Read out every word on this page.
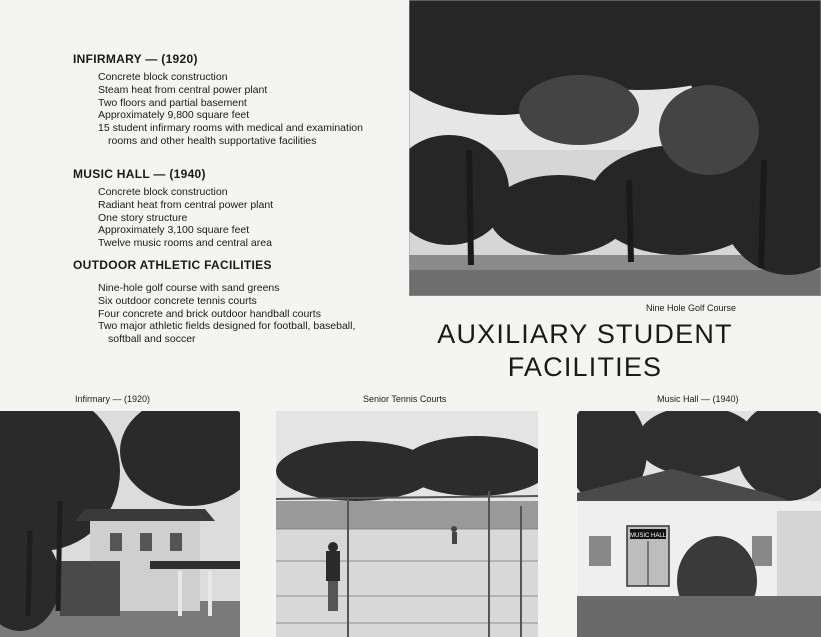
INFIRMARY — (1920)
Concrete block construction
Steam heat from central power plant
Two floors and partial basement
Approximately 9,800 square feet
15 student infirmary rooms with medical and examination rooms and other health supportative facilities
MUSIC HALL — (1940)
Concrete block construction
Radiant heat from central power plant
One story structure
Approximately 3,100 square feet
Twelve music rooms and central area
OUTDOOR ATHLETIC FACILITIES
Nine-hole golf course with sand greens
Six outdoor concrete tennis courts
Four concrete and brick outdoor handball courts
Two major athletic fields designed for football, baseball, softball and soccer
Nine Hole Golf Course
AUXILIARY STUDENT
FACILITIES
Infirmary — (1920)	Senior Tennis Courts	Music Hall — (1940)
MUSIC HALL
